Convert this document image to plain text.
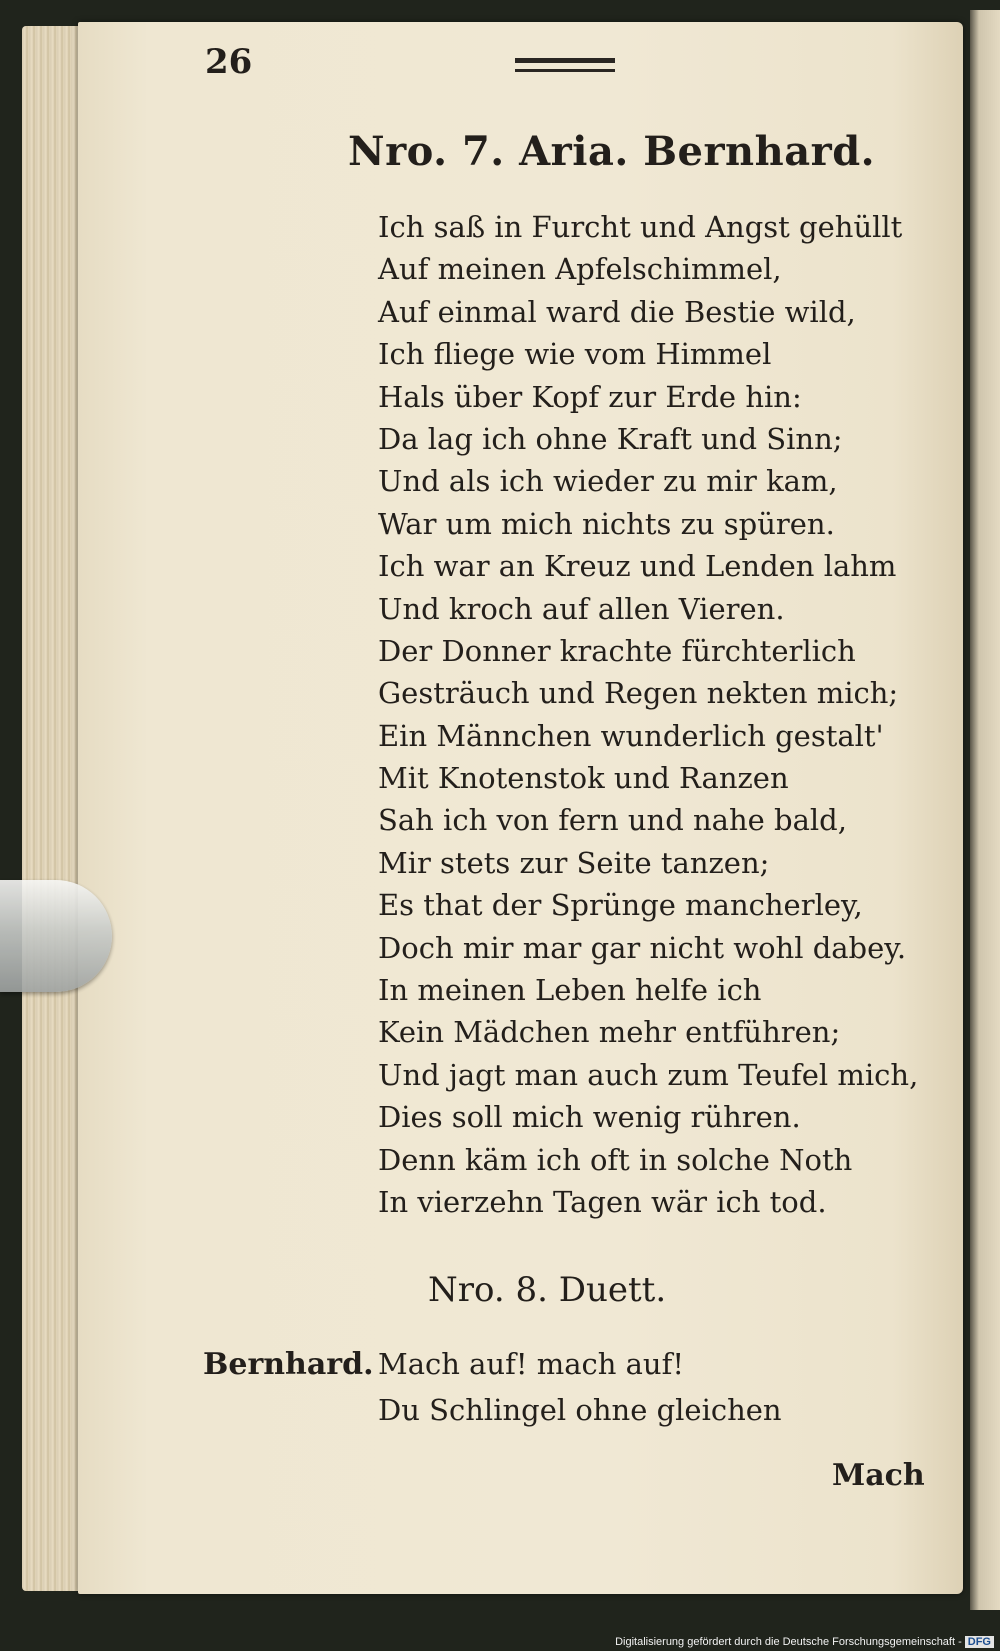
26
Nro. 7. Aria. Bernhard.
Ich saß in Furcht und Angst gehüllt
Auf meinen Apfelschimmel,
Auf einmal ward die Bestie wild,
Ich fliege wie vom Himmel
Hals über Kopf zur Erde hin:
Da lag ich ohne Kraft und Sinn;
Und als ich wieder zu mir kam,
War um mich nichts zu spüren.
Ich war an Kreuz und Lenden lahm
Und kroch auf allen Vieren.
Der Donner krachte fürchterlich
Gesträuch und Regen nekten mich;
Ein Männchen wunderlich gestalt'
Mit Knotenstok und Ranzen
Sah ich von fern und nahe bald,
Mir stets zur Seite tanzen;
Es that der Sprünge mancherley,
Doch mir mar gar nicht wohl dabey.
In meinen Leben helfe ich
Kein Mädchen mehr entführen;
Und jagt man auch zum Teufel mich,
Dies soll mich wenig rühren.
Denn käm ich oft in solche Noth
In vierzehn Tagen wär ich tod.
Nro. 8. Duett.
Bernhard. Mach auf! mach auf!
Du Schlingel ohne gleichen
Mach
Digitalisierung gefördert durch die Deutsche Forschungsgemeinschaft - DFG
